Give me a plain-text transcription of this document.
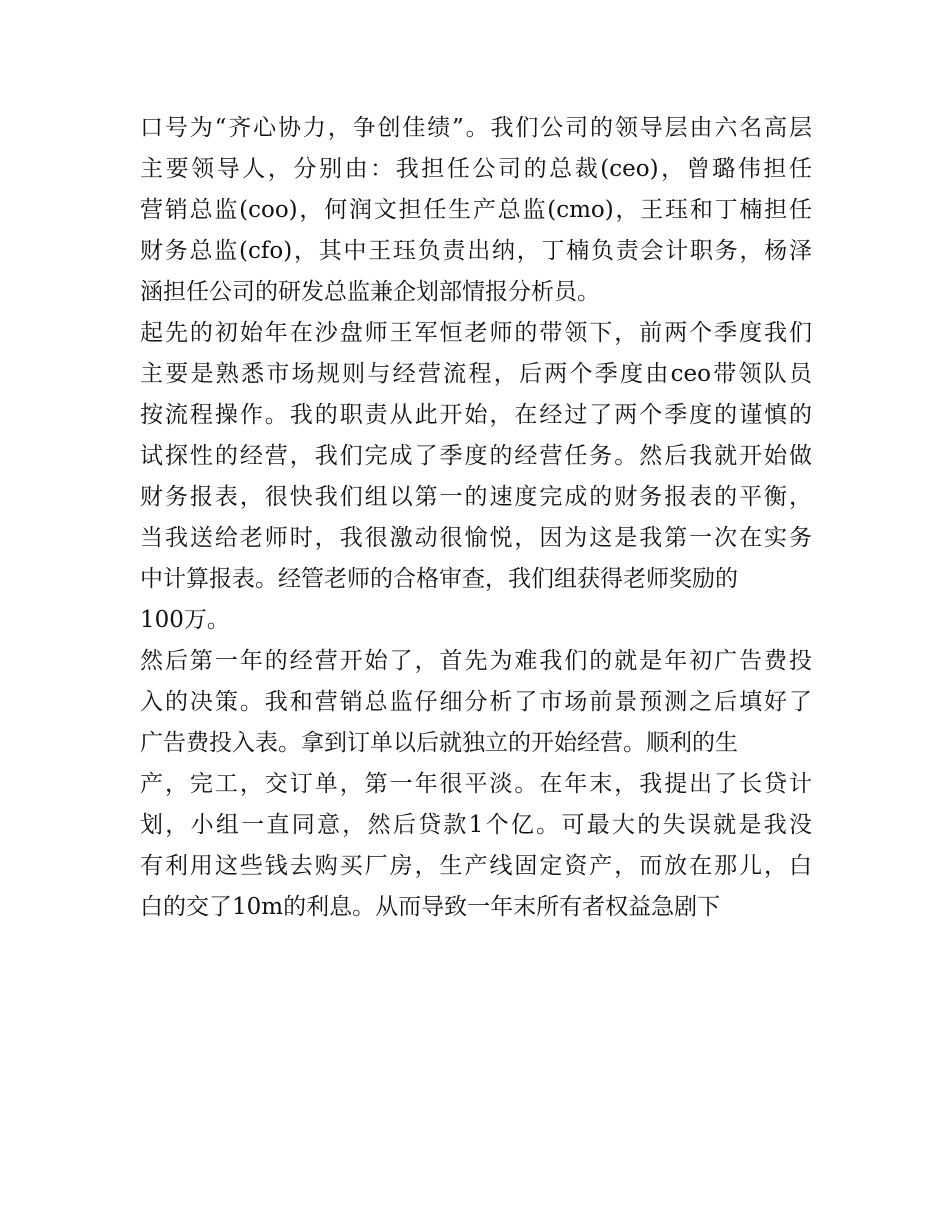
口号为“齐心协力，争创佳绩”。我们公司的领导层由六名高层
主要领导人，分别由：我担任公司的总裁(ceo)，曾璐伟担任
营销总监(coo)，何润文担任生产总监(cmo)，王珏和丁楠担任
财务总监(cfo)，其中王珏负责出纳，丁楠负责会计职务，杨泽
涵担任公司的研发总监兼企划部情报分析员。
起先的初始年在沙盘师王军恒老师的带领下，前两个季度我们
主要是熟悉市场规则与经营流程，后两个季度由ceo带领队员
按流程操作。我的职责从此开始，在经过了两个季度的谨慎的
试探性的经营，我们完成了季度的经营任务。然后我就开始做
财务报表，很快我们组以第一的速度完成的财务报表的平衡，
当我送给老师时，我很激动很愉悦，因为这是我第一次在实务
中计算报表。经管老师的合格审查，我们组获得老师奖励的
100万。
然后第一年的经营开始了，首先为难我们的就是年初广告费投
入的决策。我和营销总监仔细分析了市场前景预测之后填好了
广告费投入表。拿到订单以后就独立的开始经营。顺利的生
产，完工，交订单，第一年很平淡。在年末，我提出了长贷计
划，小组一直同意，然后贷款1个亿。可最大的失误就是我没
有利用这些钱去购买厂房，生产线固定资产，而放在那儿，白
白的交了10m的利息。从而导致一年末所有者权益急剧下
